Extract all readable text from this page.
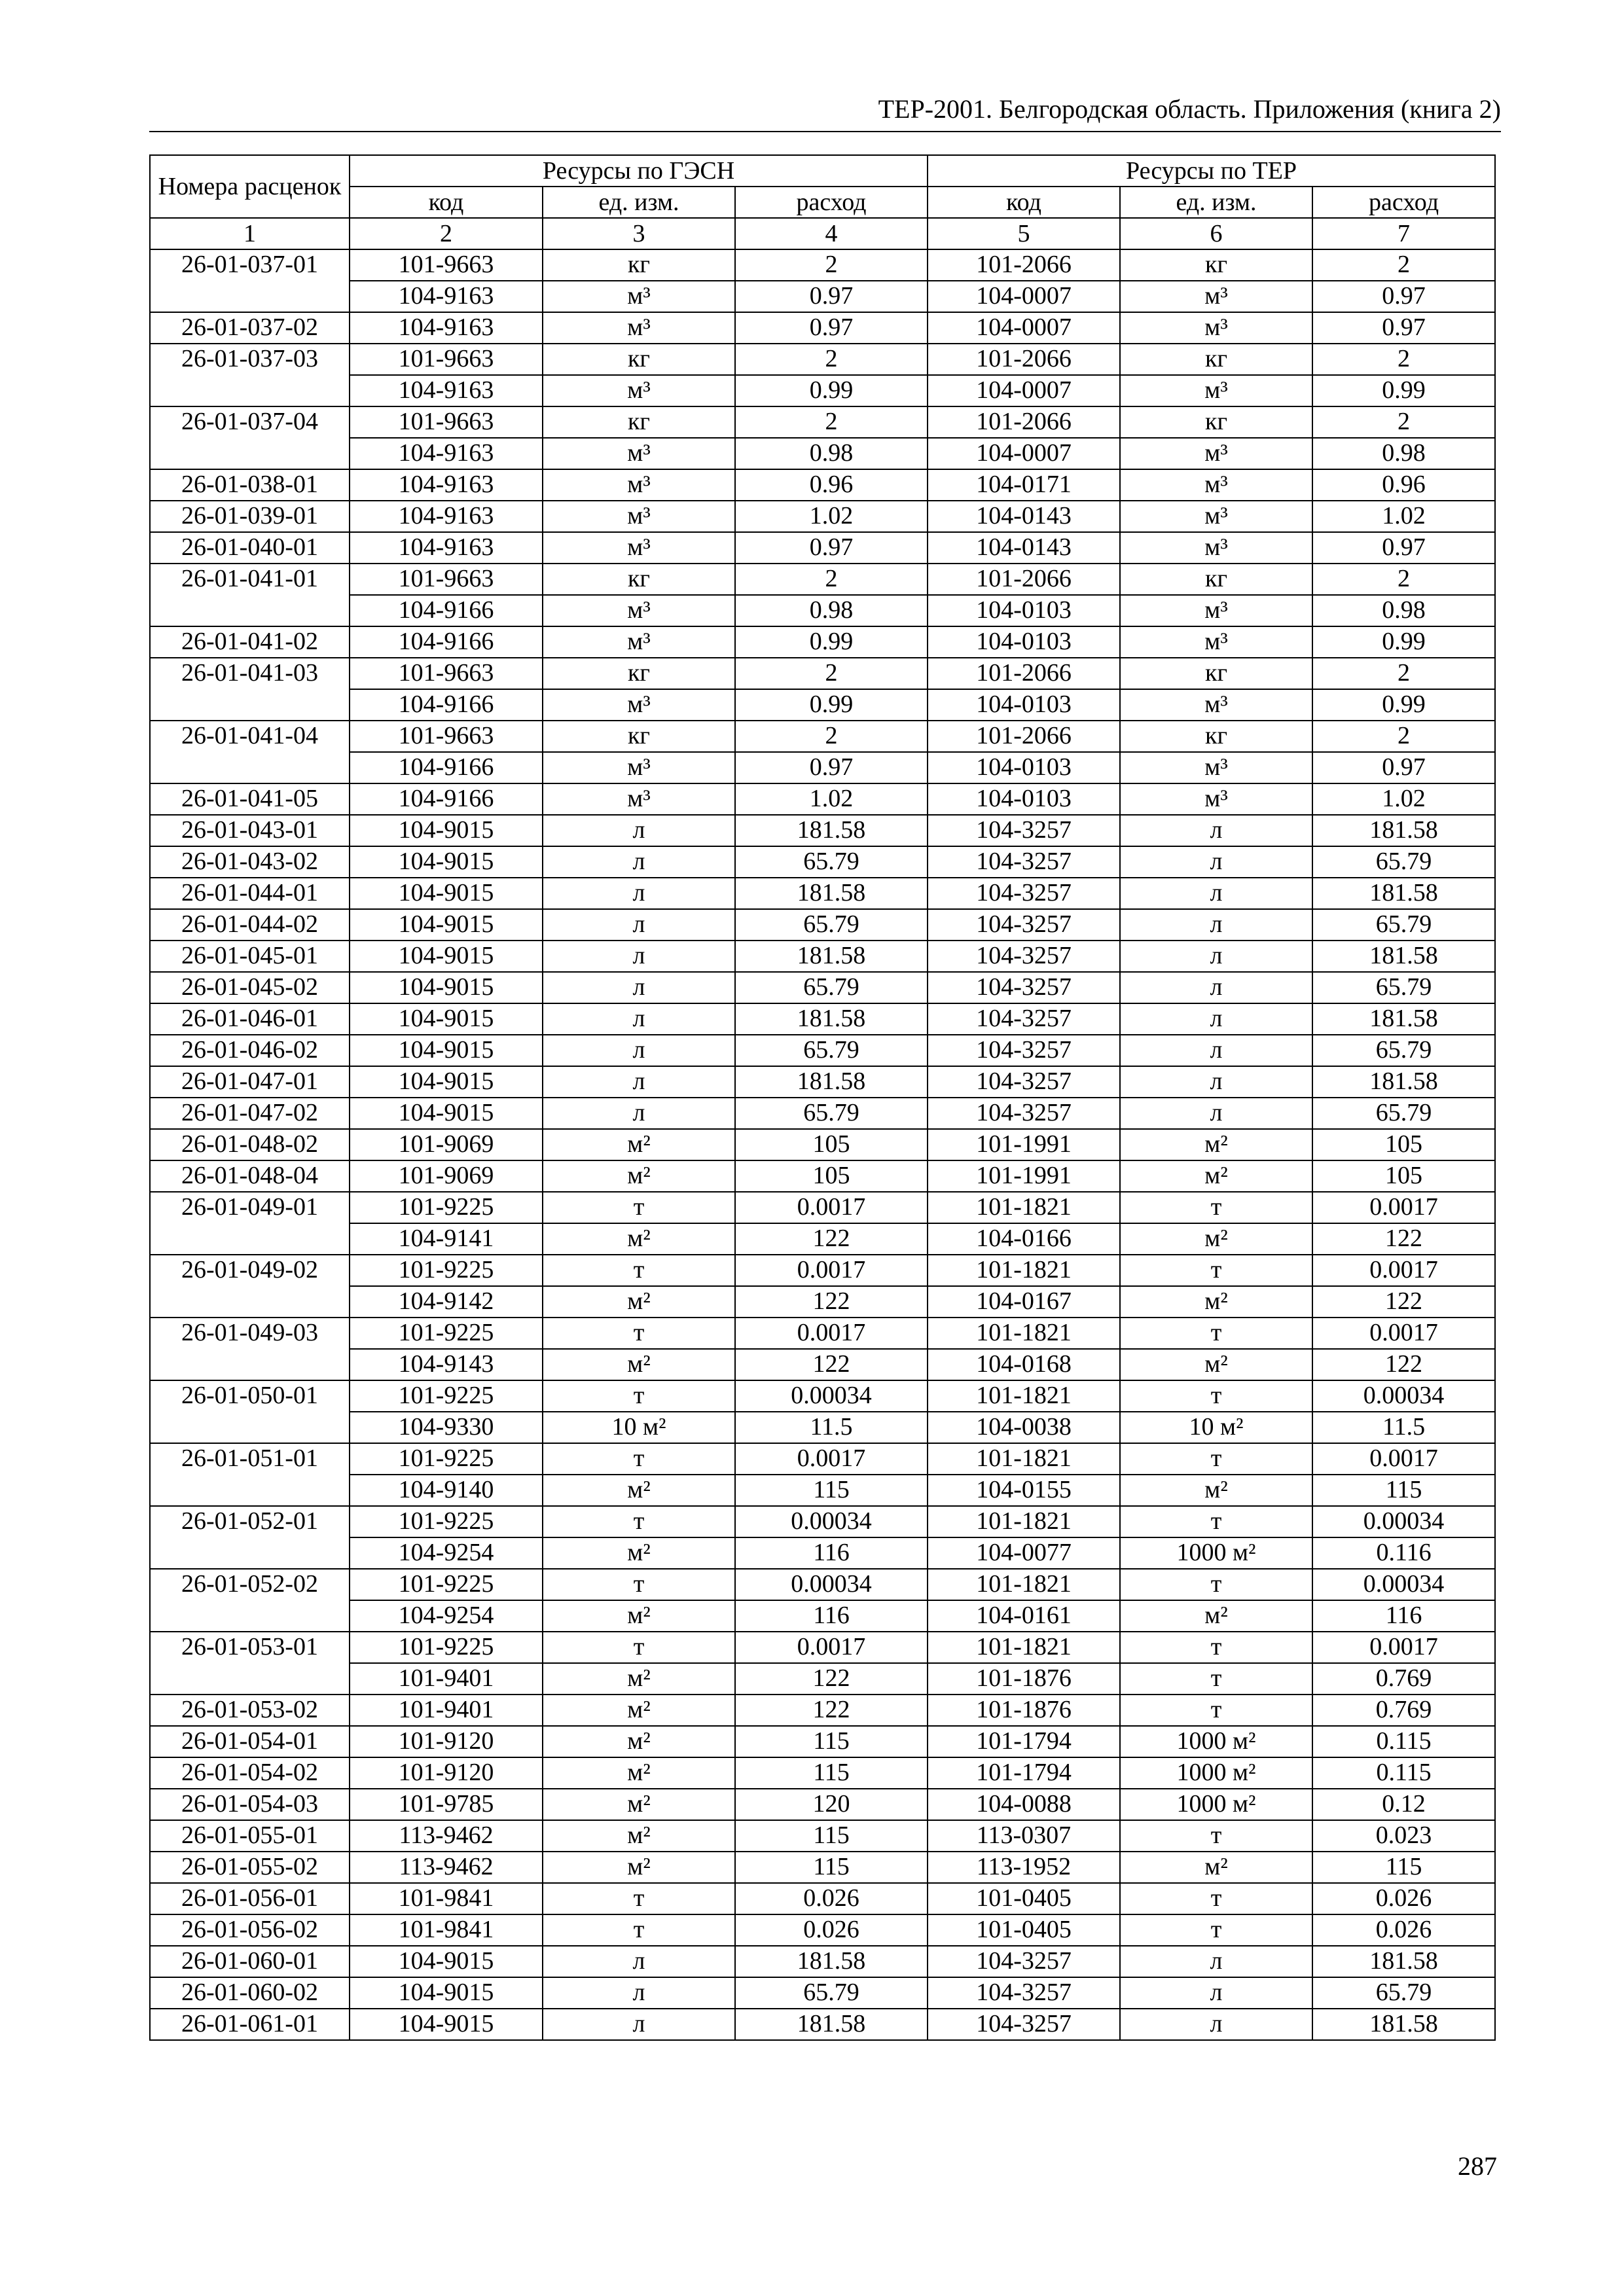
ТЕР-2001. Белгородская область. Приложения (книга 2)
Номера расценок	Ресурсы по ГЭСН			Ресурсы по ТЕР		
	код	ед. изм.	расход	код	ед. изм.	расход
1	2	3	4	5	6	7
26-01-037-01	101-9663	кг	2	101-2066	кг	2
	104-9163	м³	0.97	104-0007	м³	0.97
26-01-037-02	104-9163	м³	0.97	104-0007	м³	0.97
26-01-037-03	101-9663	кг	2	101-2066	кг	2
	104-9163	м³	0.99	104-0007	м³	0.99
26-01-037-04	101-9663	кг	2	101-2066	кг	2
	104-9163	м³	0.98	104-0007	м³	0.98
26-01-038-01	104-9163	м³	0.96	104-0171	м³	0.96
26-01-039-01	104-9163	м³	1.02	104-0143	м³	1.02
26-01-040-01	104-9163	м³	0.97	104-0143	м³	0.97
26-01-041-01	101-9663	кг	2	101-2066	кг	2
	104-9166	м³	0.98	104-0103	м³	0.98
26-01-041-02	104-9166	м³	0.99	104-0103	м³	0.99
26-01-041-03	101-9663	кг	2	101-2066	кг	2
	104-9166	м³	0.99	104-0103	м³	0.99
26-01-041-04	101-9663	кг	2	101-2066	кг	2
	104-9166	м³	0.97	104-0103	м³	0.97
26-01-041-05	104-9166	м³	1.02	104-0103	м³	1.02
26-01-043-01	104-9015	л	181.58	104-3257	л	181.58
26-01-043-02	104-9015	л	65.79	104-3257	л	65.79
26-01-044-01	104-9015	л	181.58	104-3257	л	181.58
26-01-044-02	104-9015	л	65.79	104-3257	л	65.79
26-01-045-01	104-9015	л	181.58	104-3257	л	181.58
26-01-045-02	104-9015	л	65.79	104-3257	л	65.79
26-01-046-01	104-9015	л	181.58	104-3257	л	181.58
26-01-046-02	104-9015	л	65.79	104-3257	л	65.79
26-01-047-01	104-9015	л	181.58	104-3257	л	181.58
26-01-047-02	104-9015	л	65.79	104-3257	л	65.79
26-01-048-02	101-9069	м²	105	101-1991	м²	105
26-01-048-04	101-9069	м²	105	101-1991	м²	105
26-01-049-01	101-9225	т	0.0017	101-1821	т	0.0017
	104-9141	м²	122	104-0166	м²	122
26-01-049-02	101-9225	т	0.0017	101-1821	т	0.0017
	104-9142	м²	122	104-0167	м²	122
26-01-049-03	101-9225	т	0.0017	101-1821	т	0.0017
	104-9143	м²	122	104-0168	м²	122
26-01-050-01	101-9225	т	0.00034	101-1821	т	0.00034
	104-9330	10 м²	11.5	104-0038	10 м²	11.5
26-01-051-01	101-9225	т	0.0017	101-1821	т	0.0017
	104-9140	м²	115	104-0155	м²	115
26-01-052-01	101-9225	т	0.00034	101-1821	т	0.00034
	104-9254	м²	116	104-0077	1000 м²	0.116
26-01-052-02	101-9225	т	0.00034	101-1821	т	0.00034
	104-9254	м²	116	104-0161	м²	116
26-01-053-01	101-9225	т	0.0017	101-1821	т	0.0017
	101-9401	м²	122	101-1876	т	0.769
26-01-053-02	101-9401	м²	122	101-1876	т	0.769
26-01-054-01	101-9120	м²	115	101-1794	1000 м²	0.115
26-01-054-02	101-9120	м²	115	101-1794	1000 м²	0.115
26-01-054-03	101-9785	м²	120	104-0088	1000 м²	0.12
26-01-055-01	113-9462	м²	115	113-0307	т	0.023
26-01-055-02	113-9462	м²	115	113-1952	м²	115
26-01-056-01	101-9841	т	0.026	101-0405	т	0.026
26-01-056-02	101-9841	т	0.026	101-0405	т	0.026
26-01-060-01	104-9015	л	181.58	104-3257	л	181.58
26-01-060-02	104-9015	л	65.79	104-3257	л	65.79
26-01-061-01	104-9015	л	181.58	104-3257	л	181.58
287
